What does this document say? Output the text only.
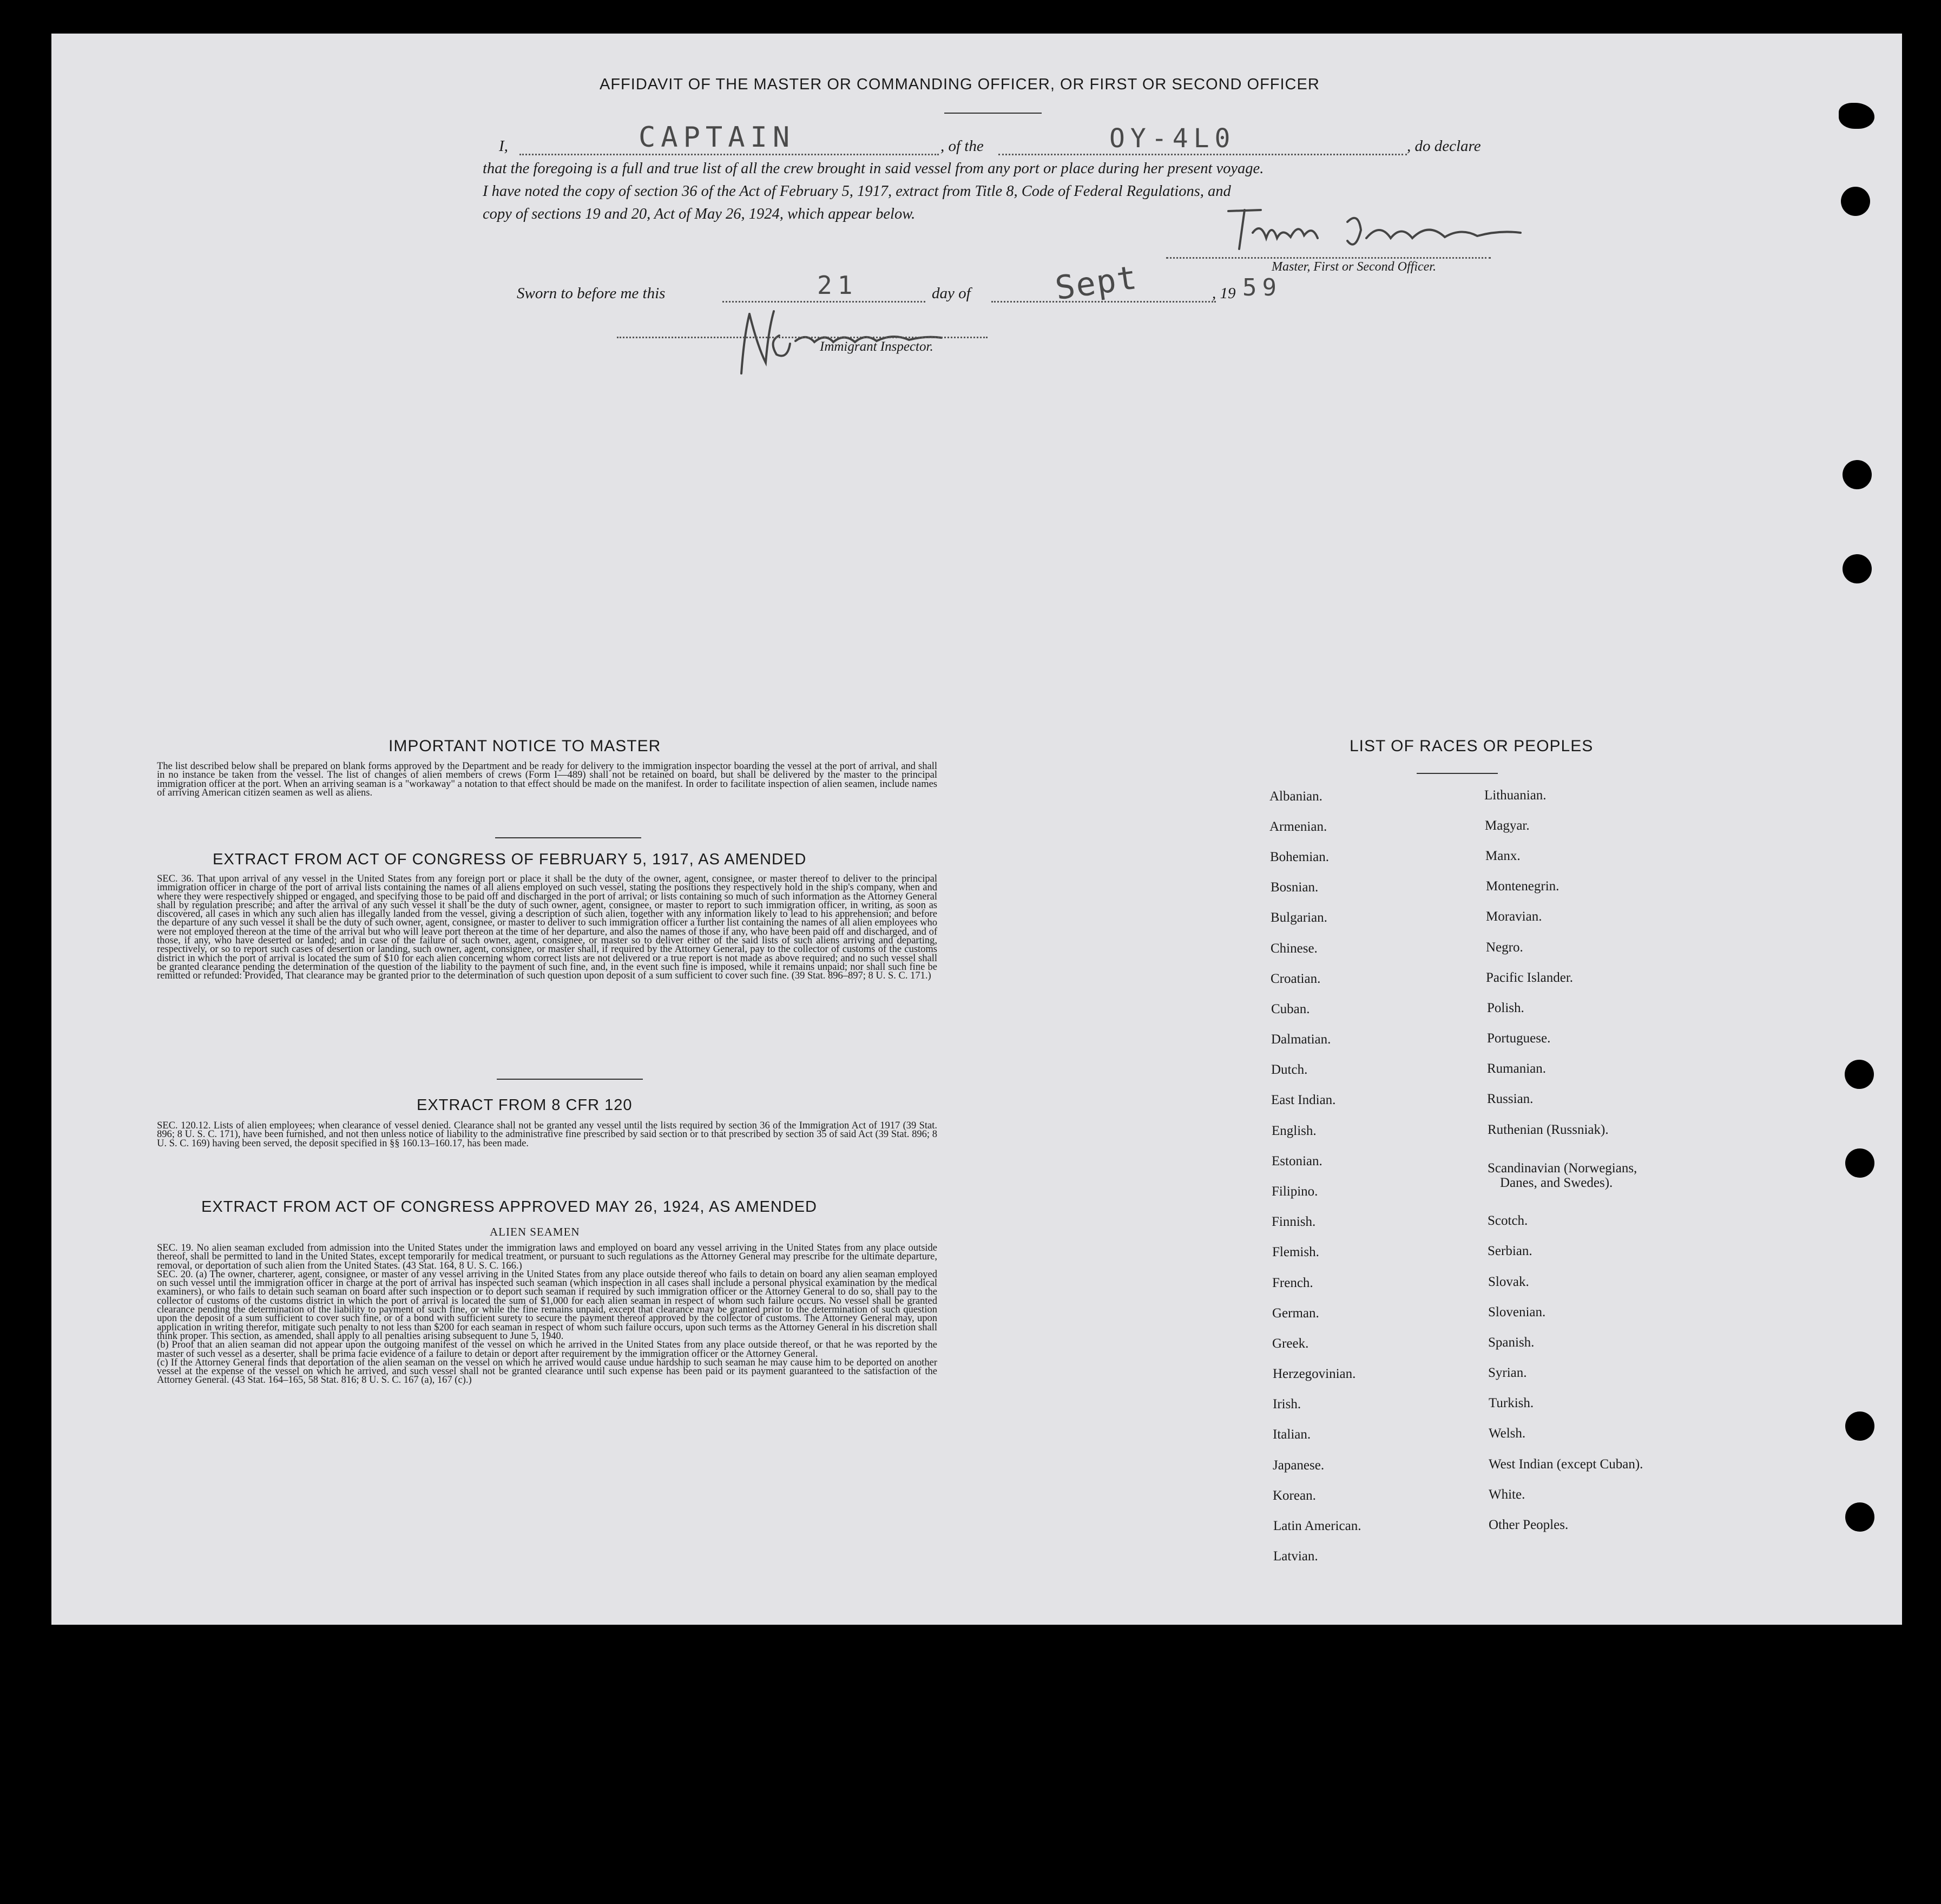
AFFIDAVIT OF THE MASTER OR COMMANDING OFFICER, OR FIRST OR SECOND OFFICER
I,	CAPTAIN	, of the	OY-4L0	, do declare
that the foregoing is a full and true list of all the crew brought in said vessel from any port or place during her present voyage.
I have noted the copy of section 36 of the Act of February 5, 1917, extract from Title 8, Code of Federal Regulations, and
copy of sections 19 and 20, Act of May 26, 1924, which appear below.
Master, First or Second Officer.
Sworn to before me this	21	day of	Sept	, 19 59
Immigrant Inspector.
IMPORTANT NOTICE TO MASTER
The list described below shall be prepared on blank forms approved by the Department and be ready for delivery to the immigration inspector boarding the vessel at the port of arrival, and shall in no instance be taken from the vessel. The list of changes of alien members of crews (Form I—489) shall not be retained on board, but shall be delivered by the master to the principal immigration officer at the port. When an arriving seaman is a "workaway" a notation to that effect should be made on the manifest. In order to facilitate inspection of alien seamen, include names of arriving American citizen seamen as well as aliens.
EXTRACT FROM ACT OF CONGRESS OF FEBRUARY 5, 1917, AS AMENDED
SEC. 36. That upon arrival of any vessel in the United States from any foreign port or place it shall be the duty of the owner, agent, consignee, or master thereof to deliver to the principal immigration officer in charge of the port of arrival lists containing the names of all aliens employed on such vessel, stating the positions they respectively hold in the ship's company, when and where they were respectively shipped or engaged, and specifying those to be paid off and discharged in the port of arrival; or lists containing so much of such information as the Attorney General shall by regulation prescribe; and after the arrival of any such vessel it shall be the duty of such owner, agent, consignee, or master to report to such immigration officer, in writing, as soon as discovered, all cases in which any such alien has illegally landed from the vessel, giving a description of such alien, together with any information likely to lead to his apprehension; and before the departure of any such vessel it shall be the duty of such owner, agent, consignee, or master to deliver to such immigration officer a further list containing the names of all alien employees who were not employed thereon at the time of the arrival but who will leave port thereon at the time of her departure, and also the names of those if any, who have been paid off and discharged, and of those, if any, who have deserted or landed; and in case of the failure of such owner, agent, consignee, or master so to deliver either of the said lists of such aliens arriving and departing, respectively, or so to report such cases of desertion or landing, such owner, agent, consignee, or master shall, if required by the Attorney General, pay to the collector of customs of the customs district in which the port of arrival is located the sum of $10 for each alien concerning whom correct lists are not delivered or a true report is not made as above required; and no such vessel shall be granted clearance pending the determination of the question of the liability to the payment of such fine, and, in the event such fine is imposed, while it remains unpaid; nor shall such fine be remitted or refunded: Provided, That clearance may be granted prior to the determination of such question upon deposit of a sum sufficient to cover such fine. (39 Stat. 896–897; 8 U. S. C. 171.)
EXTRACT FROM 8 CFR 120
SEC. 120.12. Lists of alien employees; when clearance of vessel denied. Clearance shall not be granted any vessel until the lists required by section 36 of the Immigration Act of 1917 (39 Stat. 896; 8 U. S. C. 171), have been furnished, and not then unless notice of liability to the administrative fine prescribed by said section or to that prescribed by section 35 of said Act (39 Stat. 896; 8 U. S. C. 169) having been served, the deposit specified in §§ 160.13–160.17, has been made.
EXTRACT FROM ACT OF CONGRESS APPROVED MAY 26, 1924, AS AMENDED
ALIEN SEAMEN
SEC. 19. No alien seaman excluded from admission into the United States under the immigration laws and employed on board any vessel arriving in the United States from any place outside thereof, shall be permitted to land in the United States, except temporarily for medical treatment, or pursuant to such regulations as the Attorney General may prescribe for the ultimate departure, removal, or deportation of such alien from the United States. (43 Stat. 164, 8 U. S. C. 166.)
SEC. 20. (a) The owner, charterer, agent, consignee, or master of any vessel arriving in the United States from any place outside thereof who fails to detain on board any alien seaman employed on such vessel until the immigration officer in charge at the port of arrival has inspected such seaman (which inspection in all cases shall include a personal physical examination by the medical examiners), or who fails to detain such seaman on board after such inspection or to deport such seaman if required by such immigration officer or the Attorney General to do so, shall pay to the collector of customs of the customs district in which the port of arrival is located the sum of $1,000 for each alien seaman in respect of whom such failure occurs. No vessel shall be granted clearance pending the determination of the liability to payment of such fine, or while the fine remains unpaid, except that clearance may be granted prior to the determination of such question upon the deposit of a sum sufficient to cover such fine, or of a bond with sufficient surety to secure the payment thereof approved by the collector of customs. The Attorney General may, upon application in writing therefor, mitigate such penalty to not less than $200 for each seaman in respect of whom such failure occurs, upon such terms as the Attorney General in his discretion shall think proper. This section, as amended, shall apply to all penalties arising subsequent to June 5, 1940.
(b) Proof that an alien seaman did not appear upon the outgoing manifest of the vessel on which he arrived in the United States from any place outside thereof, or that he was reported by the master of such vessel as a deserter, shall be prima facie evidence of a failure to detain or deport after requirement by the immigration officer or the Attorney General.
(c) If the Attorney General finds that deportation of the alien seaman on the vessel on which he arrived would cause undue hardship to such seaman he may cause him to be deported on another vessel at the expense of the vessel on which he arrived, and such vessel shall not be granted clearance until such expense has been paid or its payment guaranteed to the satisfaction of the Attorney General. (43 Stat. 164–165, 58 Stat. 816; 8 U. S. C. 167 (a), 167 (c).)
LIST OF RACES OR PEOPLES
Albanian.
Armenian.
Bohemian.
Bosnian.
Bulgarian.
Chinese.
Croatian.
Cuban.
Dalmatian.
Dutch.
East Indian.
English.
Estonian.
Filipino.
Finnish.
Flemish.
French.
German.
Greek.
Herzegovinian.
Irish.
Italian.
Japanese.
Korean.
Latin American.
Latvian.
Lithuanian.
Magyar.
Manx.
Montenegrin.
Moravian.
Negro.
Pacific Islander.
Polish.
Portuguese.
Rumanian.
Russian.
Ruthenian (Russniak).
Scandinavian (Norwegians,
Danes, and Swedes).
Scotch.
Serbian.
Slovak.
Slovenian.
Spanish.
Syrian.
Turkish.
Welsh.
West Indian (except Cuban).
White.
Other Peoples.
